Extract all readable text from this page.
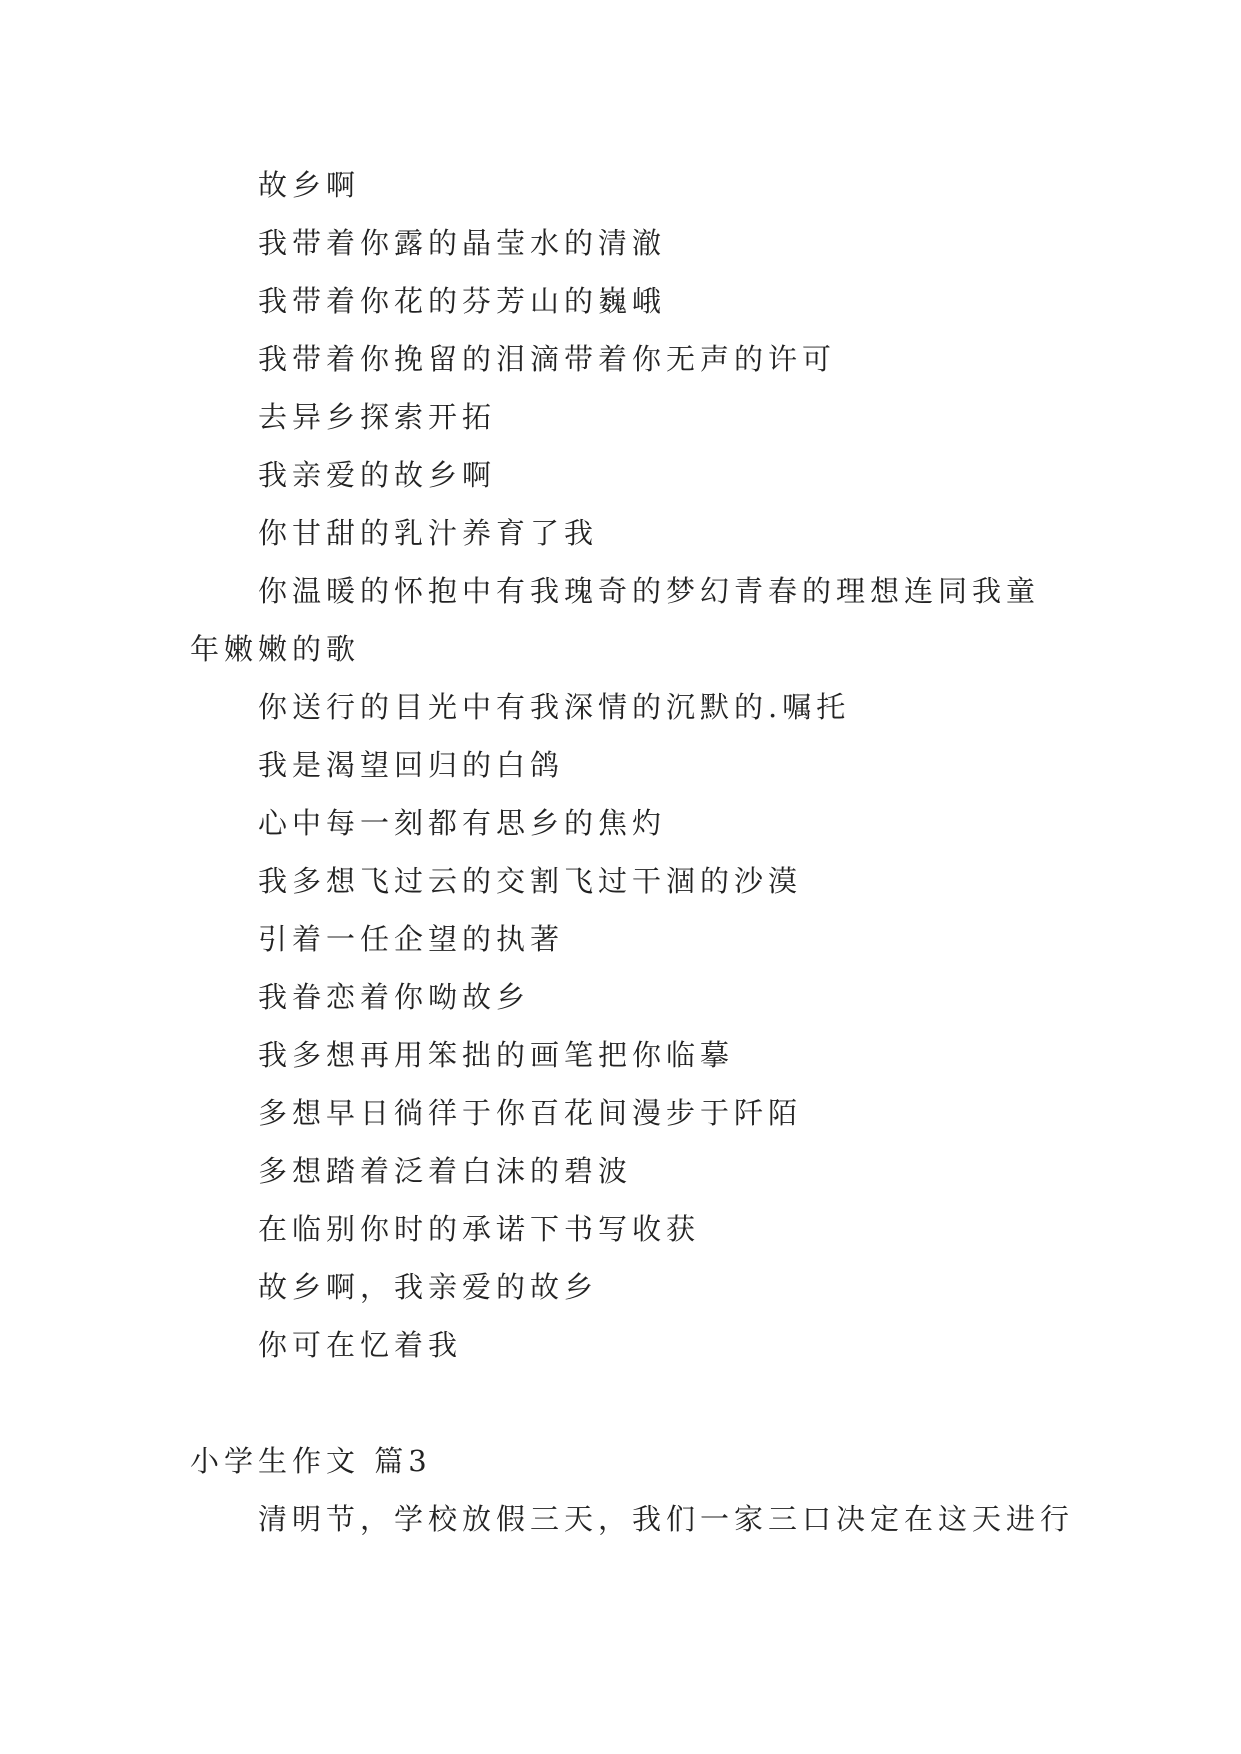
故乡啊

我带着你露的晶莹水的清澈

我带着你花的芬芳山的巍峨

我带着你挽留的泪滴带着你无声的许可

去异乡探索开拓

我亲爱的故乡啊

你甘甜的乳汁养育了我

你温暖的怀抱中有我瑰奇的梦幻青春的理想连同我童年嫩嫩的歌

你送行的目光中有我深情的沉默的.嘱托

我是渴望回归的白鸽

心中每一刻都有思乡的焦灼

我多想飞过云的交割飞过干涸的沙漠

引着一任企望的执著

我眷恋着你呦故乡

我多想再用笨拙的画笔把你临摹

多想早日徜徉于你百花间漫步于阡陌

多想踏着泛着白沫的碧波

在临别你时的承诺下书写收获

故乡啊，我亲爱的故乡

你可在忆着我

小学生作文 篇3

清明节，学校放假三天，我们一家三口决定在这天进行
